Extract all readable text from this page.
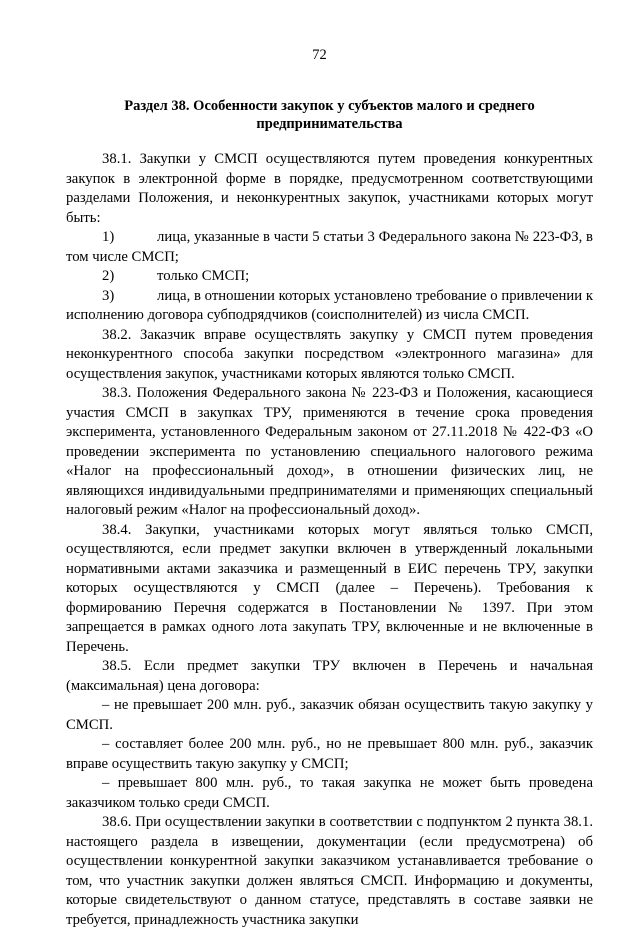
72
Раздел 38. Особенности закупок у субъектов малого и среднего предпринимательства

38.1. Закупки у СМСП осуществляются путем проведения конкурентных закупок в электронной форме в порядке, предусмотренном соответствующими разделами Положения, и неконкурентных закупок, участниками которых могут быть:

1)	лица, указанные в части 5 статьи 3 Федерального закона № 223-ФЗ, в том числе СМСП;

2)	только СМСП;

3)	лица, в отношении которых установлено требование о привлечении к исполнению договора субподрядчиков (соисполнителей) из числа СМСП.

38.2. Заказчик вправе осуществлять закупку у СМСП путем проведения неконкурентного способа закупки посредством «электронного магазина» для осуществления закупок, участниками которых являются только СМСП.

38.3. Положения Федерального закона № 223-ФЗ и Положения, касающиеся участия СМСП в закупках ТРУ, применяются в течение срока проведения эксперимента, установленного Федеральным законом от 27.11.2018 № 422-ФЗ «О проведении эксперимента по установлению специального налогового режима «Налог на профессиональный доход», в отношении физических лиц, не являющихся индивидуальными предпринимателями и применяющих специальный налоговый режим «Налог на профессиональный доход».

38.4. Закупки, участниками которых могут являться только СМСП, осуществляются, если предмет закупки включен в утвержденный локальными нормативными актами заказчика и размещенный в ЕИС перечень ТРУ, закупки которых осуществляются у СМСП (далее – Перечень). Требования к формированию Перечня содержатся в Постановлении № 1397. При этом запрещается в рамках одного лота закупать ТРУ, включенные и не включенные в Перечень.

38.5. Если предмет закупки ТРУ включен в Перечень и начальная (максимальная) цена договора:

– не превышает 200 млн. руб., заказчик обязан осуществить такую закупку у СМСП.

– составляет более 200 млн. руб., но не превышает 800 млн. руб., заказчик вправе осуществить такую закупку у СМСП;

– превышает 800 млн. руб., то такая закупка не может быть проведена заказчиком только среди СМСП.

38.6. При осуществлении закупки в соответствии с подпунктом 2 пункта 38.1. настоящего раздела в извещении, документации (если предусмотрена) об осуществлении конкурентной закупки заказчиком устанавливается требование о том, что участник закупки должен являться СМСП. Информацию и документы, которые свидетельствуют о данном статусе, представлять в составе заявки не требуется, принадлежность участника закупки
